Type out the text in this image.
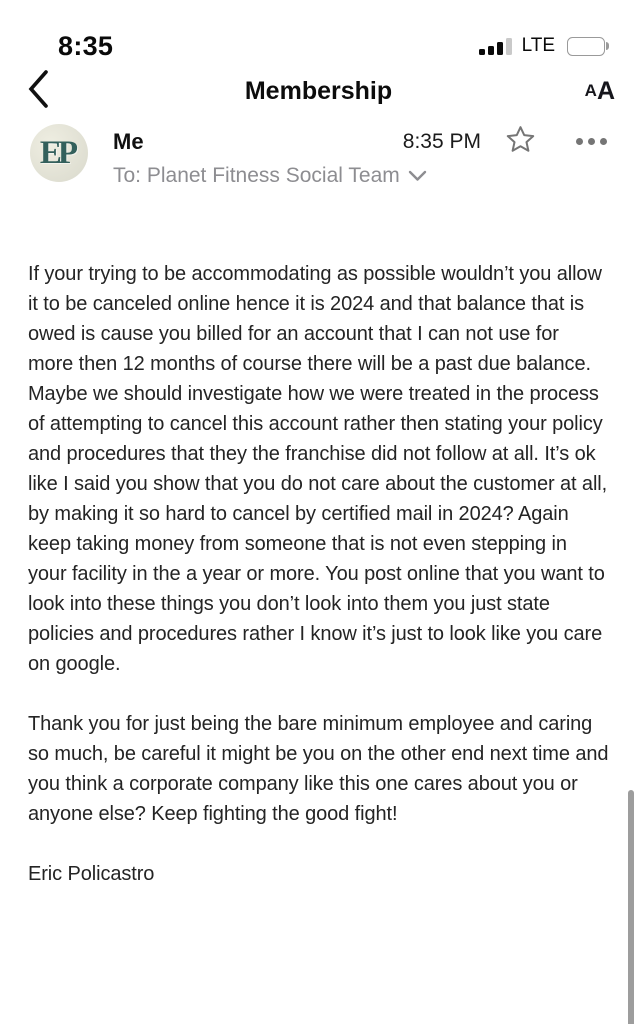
8:35	LTE
Membership	A A
EP Me	8:35 PM
To: Planet Fitness Social Team

If your trying to be accommodating as possible wouldn’t you allow it to be canceled online hence it is 2024 and that balance that is owed is cause you billed for an account that I can not use for more then 12 months of course there will be a past due balance. Maybe we should investigate how we were treated in the process of attempting to cancel this account rather then stating your policy and procedures that they the franchise did not follow at all. It’s ok like I said you show that you do not care about the customer at all, by making it so hard to cancel by certified mail in 2024? Again keep taking money from someone that is not even stepping in your facility in the a year or more. You post online that you want to look into these things you don’t look into them you just state policies and procedures rather I know it’s just to look like you care on google.

Thank you for just being the bare minimum employee and caring so much, be careful it might be you on the other end next time and you think a corporate company like this one cares about you or anyone else? Keep fighting the good fight!

Eric Policastro
